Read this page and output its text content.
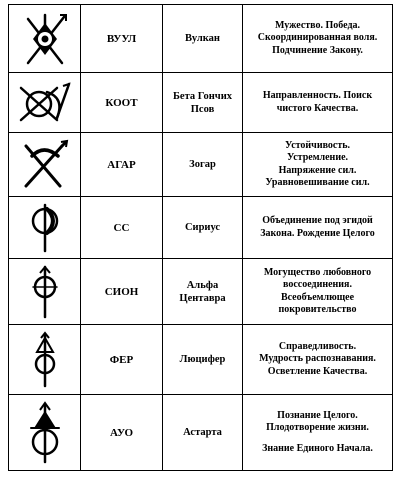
	ВУУЛ	Вулкан	Мужество. Победа.
Скоординированная воля.
Подчинение Закону.

	КООТ	Бета Гончих
Псов	Направленность. Поиск
чистого Качества.

	АГАР	Зогар	Устойчивость.
Устремление.
Напряжение сил.
Уравновешивание сил.

	СС	Сириус	Объединение под эгидой
Закона. Рождение Целого

	СИОН	Альфа
Центавра	Могущество любовного
воссоединения.
Всеобъемлющее
покровительство

	ФЕР	Люцифер	Справедливость.
Мудрость распознавания.
Осветление Качества.

	АУО	Астарта	Познание Целого.
Плодотворение жизни.
Знание Единого Начала.
